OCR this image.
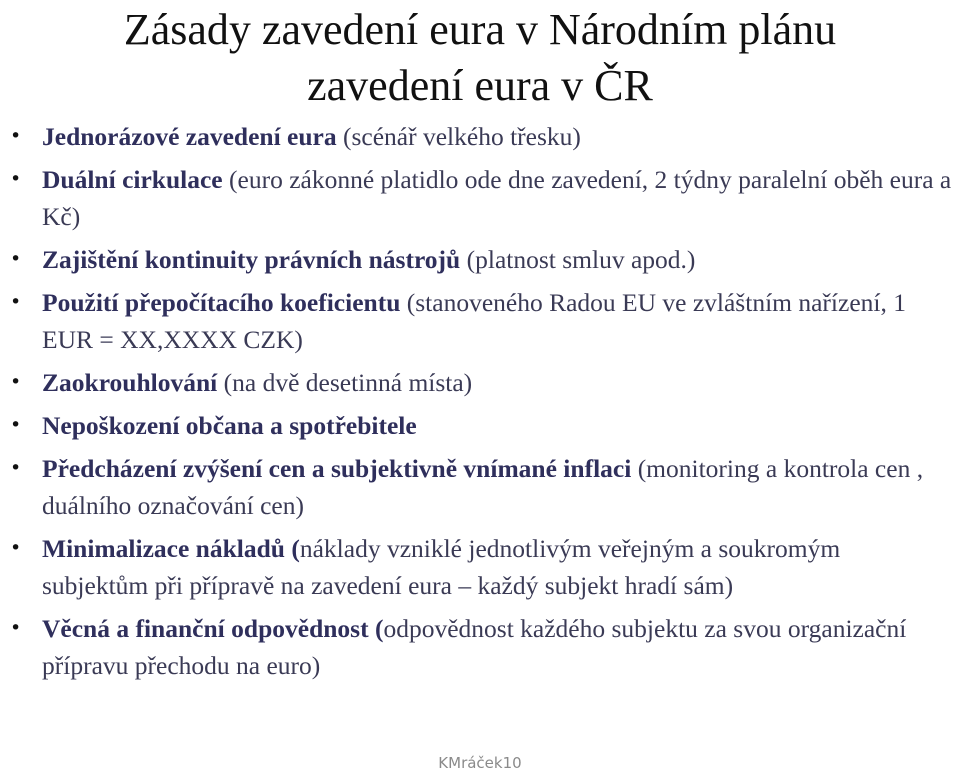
Zásady zavedení eura v Národním plánu
zavedení eura v ČR
• Jednorázové zavedení eura (scénář velkého třesku)
• Duální cirkulace (euro zákonné platidlo ode dne zavedení, 2 týdny paralelní oběh eura a Kč)
• Zajištění kontinuity právních nástrojů (platnost smluv apod.)
• Použití přepočítacího koeficientu (stanoveného Radou EU ve zvláštním nařízení, 1 EUR = XX,XXXX CZK)
• Zaokrouhlování (na dvě desetinná místa)
• Nepoškození občana a spotřebitele
• Předcházení zvýšení cen a subjektivně vnímané inflaci (monitoring a kontrola cen , duálního označování cen)
• Minimalizace nákladů (náklady vzniklé jednotlivým veřejným a soukromým subjektům při přípravě na zavedení eura – každý subjekt hradí sám)
• Věcná a finanční odpovědnost (odpovědnost každého subjektu za svou organizační přípravu přechodu na euro)
KMráček10
